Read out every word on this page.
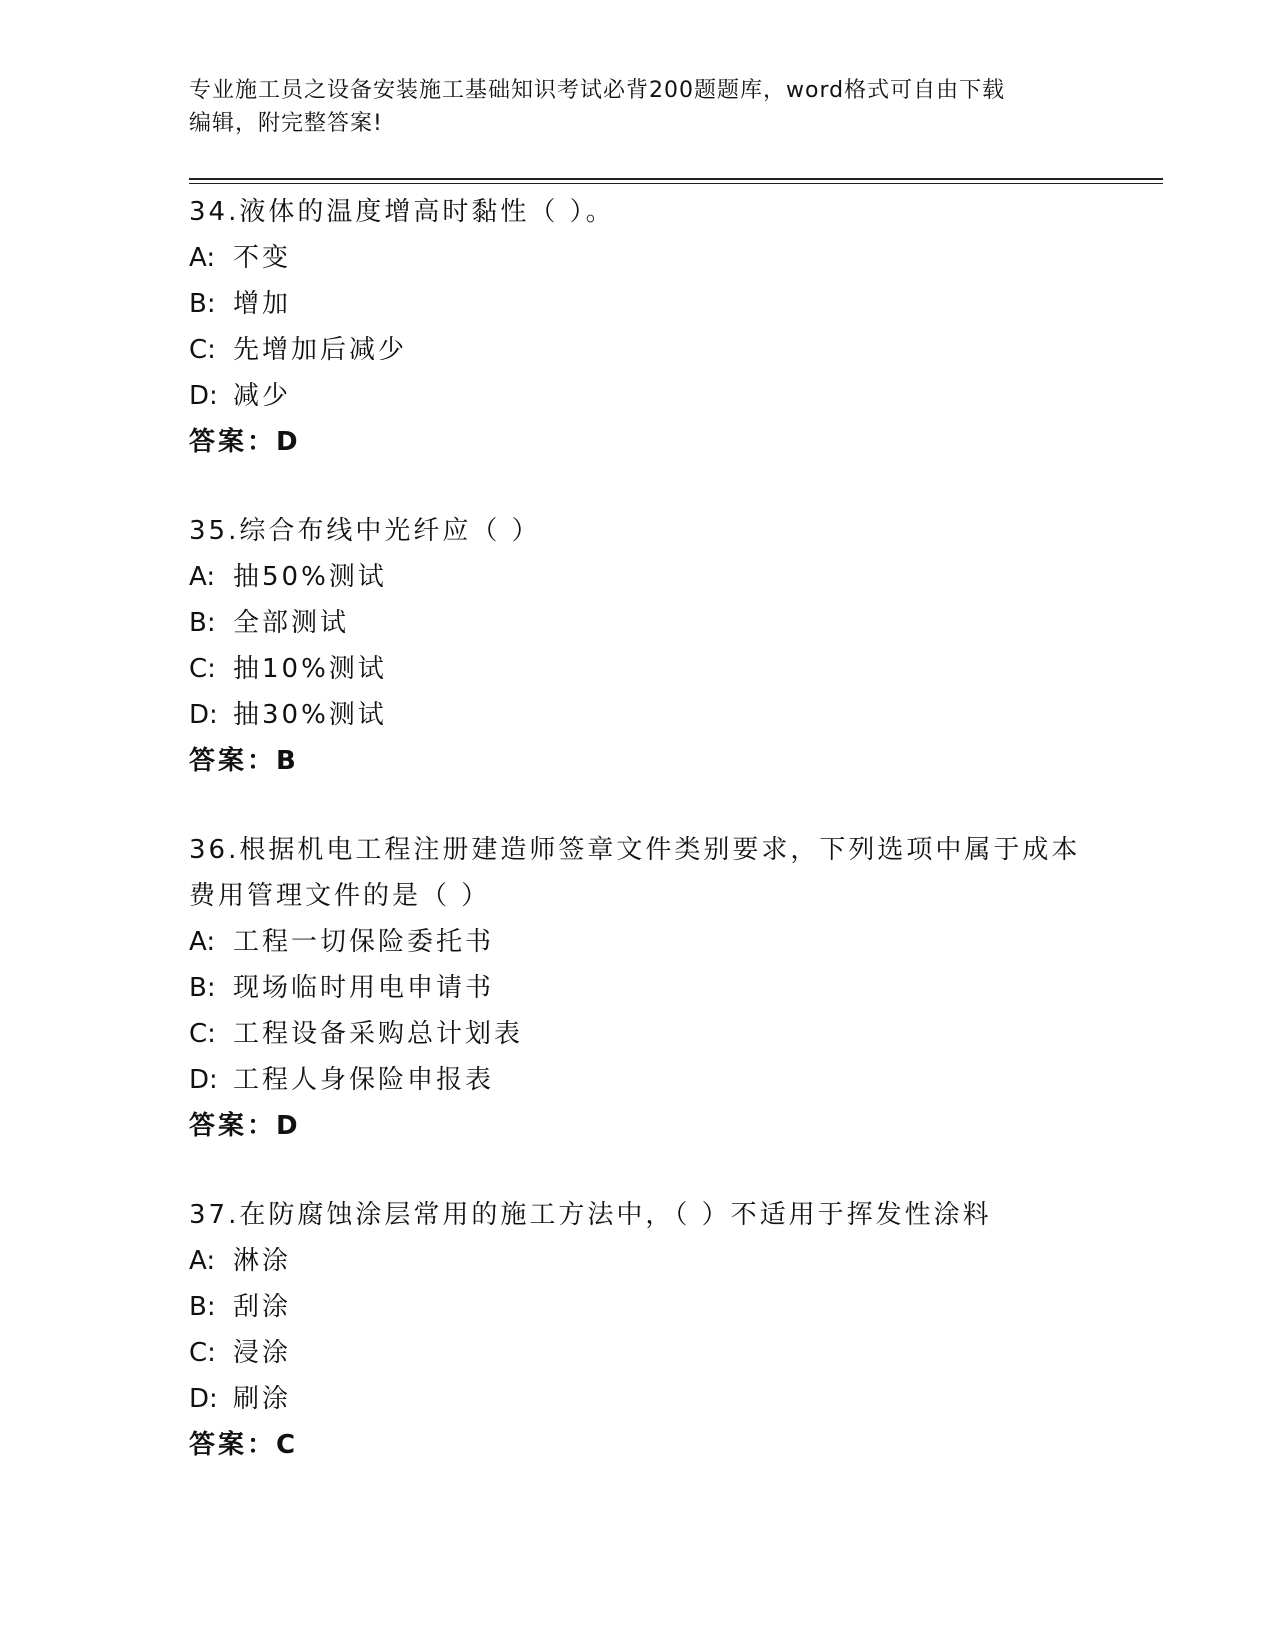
专业施工员之设备安装施工基础知识考试必背200题题库，word格式可自由下载
编辑，附完整答案!
34.液体的温度增高时黏性（ ）。
A: 不变
B: 增加
C: 先增加后减少
D: 减少
答案：D
35.综合布线中光纤应（ ）
A: 抽50%测试
B: 全部测试
C: 抽10%测试
D: 抽30%测试
答案：B
36.根据机电工程注册建造师签章文件类别要求，下列选项中属于成本
费用管理文件的是（ ）
A: 工程一切保险委托书
B: 现场临时用电申请书
C: 工程设备采购总计划表
D: 工程人身保险申报表
答案：D
37.在防腐蚀涂层常用的施工方法中，（ ）不适用于挥发性涂料
A: 淋涂
B: 刮涂
C: 浸涂
D: 刷涂
答案：C
